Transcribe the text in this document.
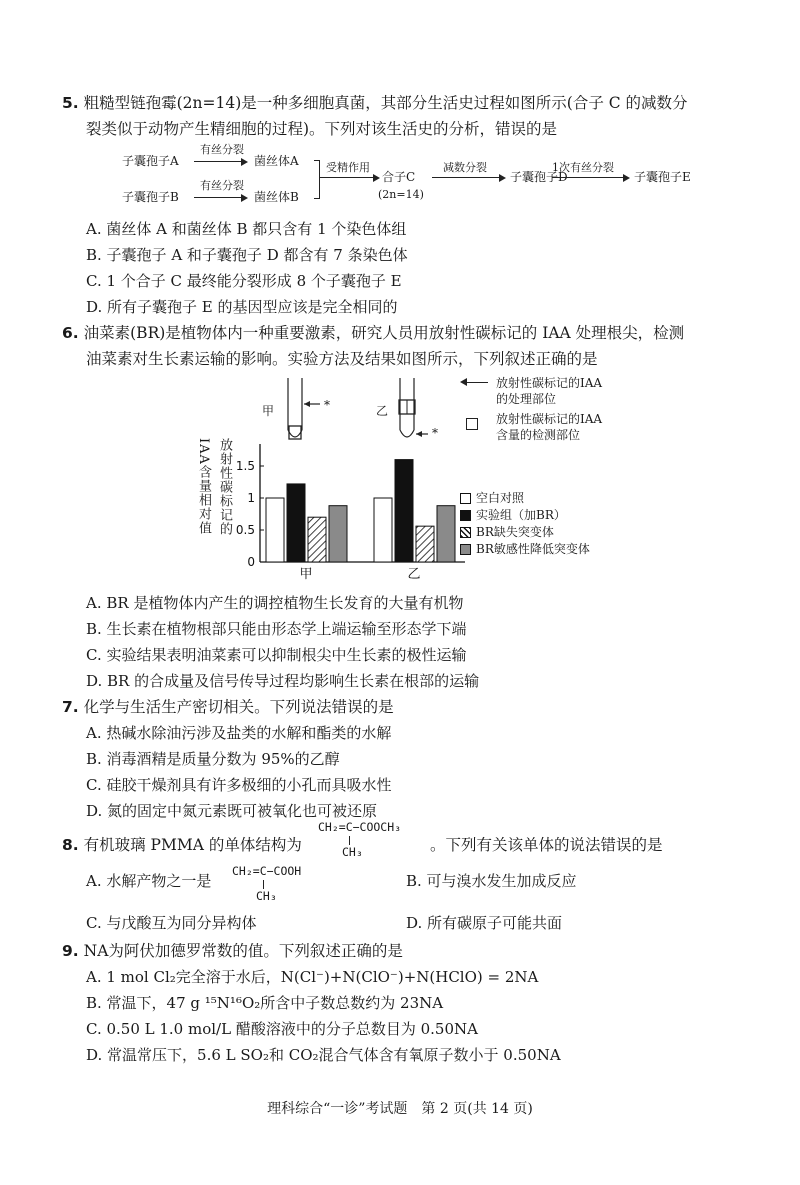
5. 粗糙型链孢霉(2n=14)是一种多细胞真菌，其部分生活史过程如图所示(合子 C 的减数分
裂类似于动物产生精细胞的过程)。下列对该生活史的分析，错误的是
子囊孢子A
有丝分裂
菌丝体A
子囊孢子B
有丝分裂
菌丝体B
受精作用
合子C
(2n=14)
减数分裂
子囊孢子D
1次有丝分裂
子囊孢子E
A. 菌丝体 A 和菌丝体 B 都只含有 1 个染色体组
B. 子囊孢子 A 和子囊孢子 D 都含有 7 条染色体
C. 1 个合子 C 最终能分裂形成 8 个子囊孢子 E
D. 所有子囊孢子 E 的基因型应该是完全相同的
6. 油菜素(BR)是植物体内一种重要激素，研究人员用放射性碳标记的 IAA 处理根尖，检测
油菜素对生长素运输的影响。实验方法及结果如图所示，下列叙述正确的是
甲	*	乙
*
放射性碳标记的IAA
的处理部位
放射性碳标记的IAA
含量的检测部位
放射性碳标记的
IAA含量相对值
0
0.5
1
1.5
甲	乙
空白对照
实验组（加BR）
BR缺失突变体
BR敏感性降低突变体
A. BR 是植物体内产生的调控植物生长发育的大量有机物
B. 生长素在植物根部只能由形态学上端运输至形态学下端
C. 实验结果表明油菜素可以抑制根尖中生长素的极性运输
D. BR 的合成量及信号传导过程均影响生长素在根部的运输
7. 化学与生活生产密切相关。下列说法错误的是
A. 热碱水除油污涉及盐类的水解和酯类的水解
B. 消毒酒精是质量分数为 95%的乙醇
C. 硅胶干燥剂具有许多极细的小孔而具吸水性
D. 氮的固定中氮元素既可被氧化也可被还原
8. 有机玻璃 PMMA 的单体结构为
CH₂=C−COOCH₃
CH₃	。下列有关该单体的说法错误的是
A. 水解产物之一是
CH₂=C−COOH
CH₃
B. 可与溴水发生加成反应
C. 与戊酸互为同分异构体	D. 所有碳原子可能共面
9. NA为阿伏加德罗常数的值。下列叙述正确的是
A. 1 mol Cl₂完全溶于水后，N(Cl⁻)+N(ClO⁻)+N(HClO) = 2NA
B. 常温下，47 g ¹⁵N¹⁶O₂所含中子数总数约为 23NA
C. 0.50 L 1.0 mol/L 醋酸溶液中的分子总数目为 0.50NA
D. 常温常压下，5.6 L SO₂和 CO₂混合气体含有氧原子数小于 0.50NA
理科综合“一诊”考试题　第 2 页(共 14 页)
